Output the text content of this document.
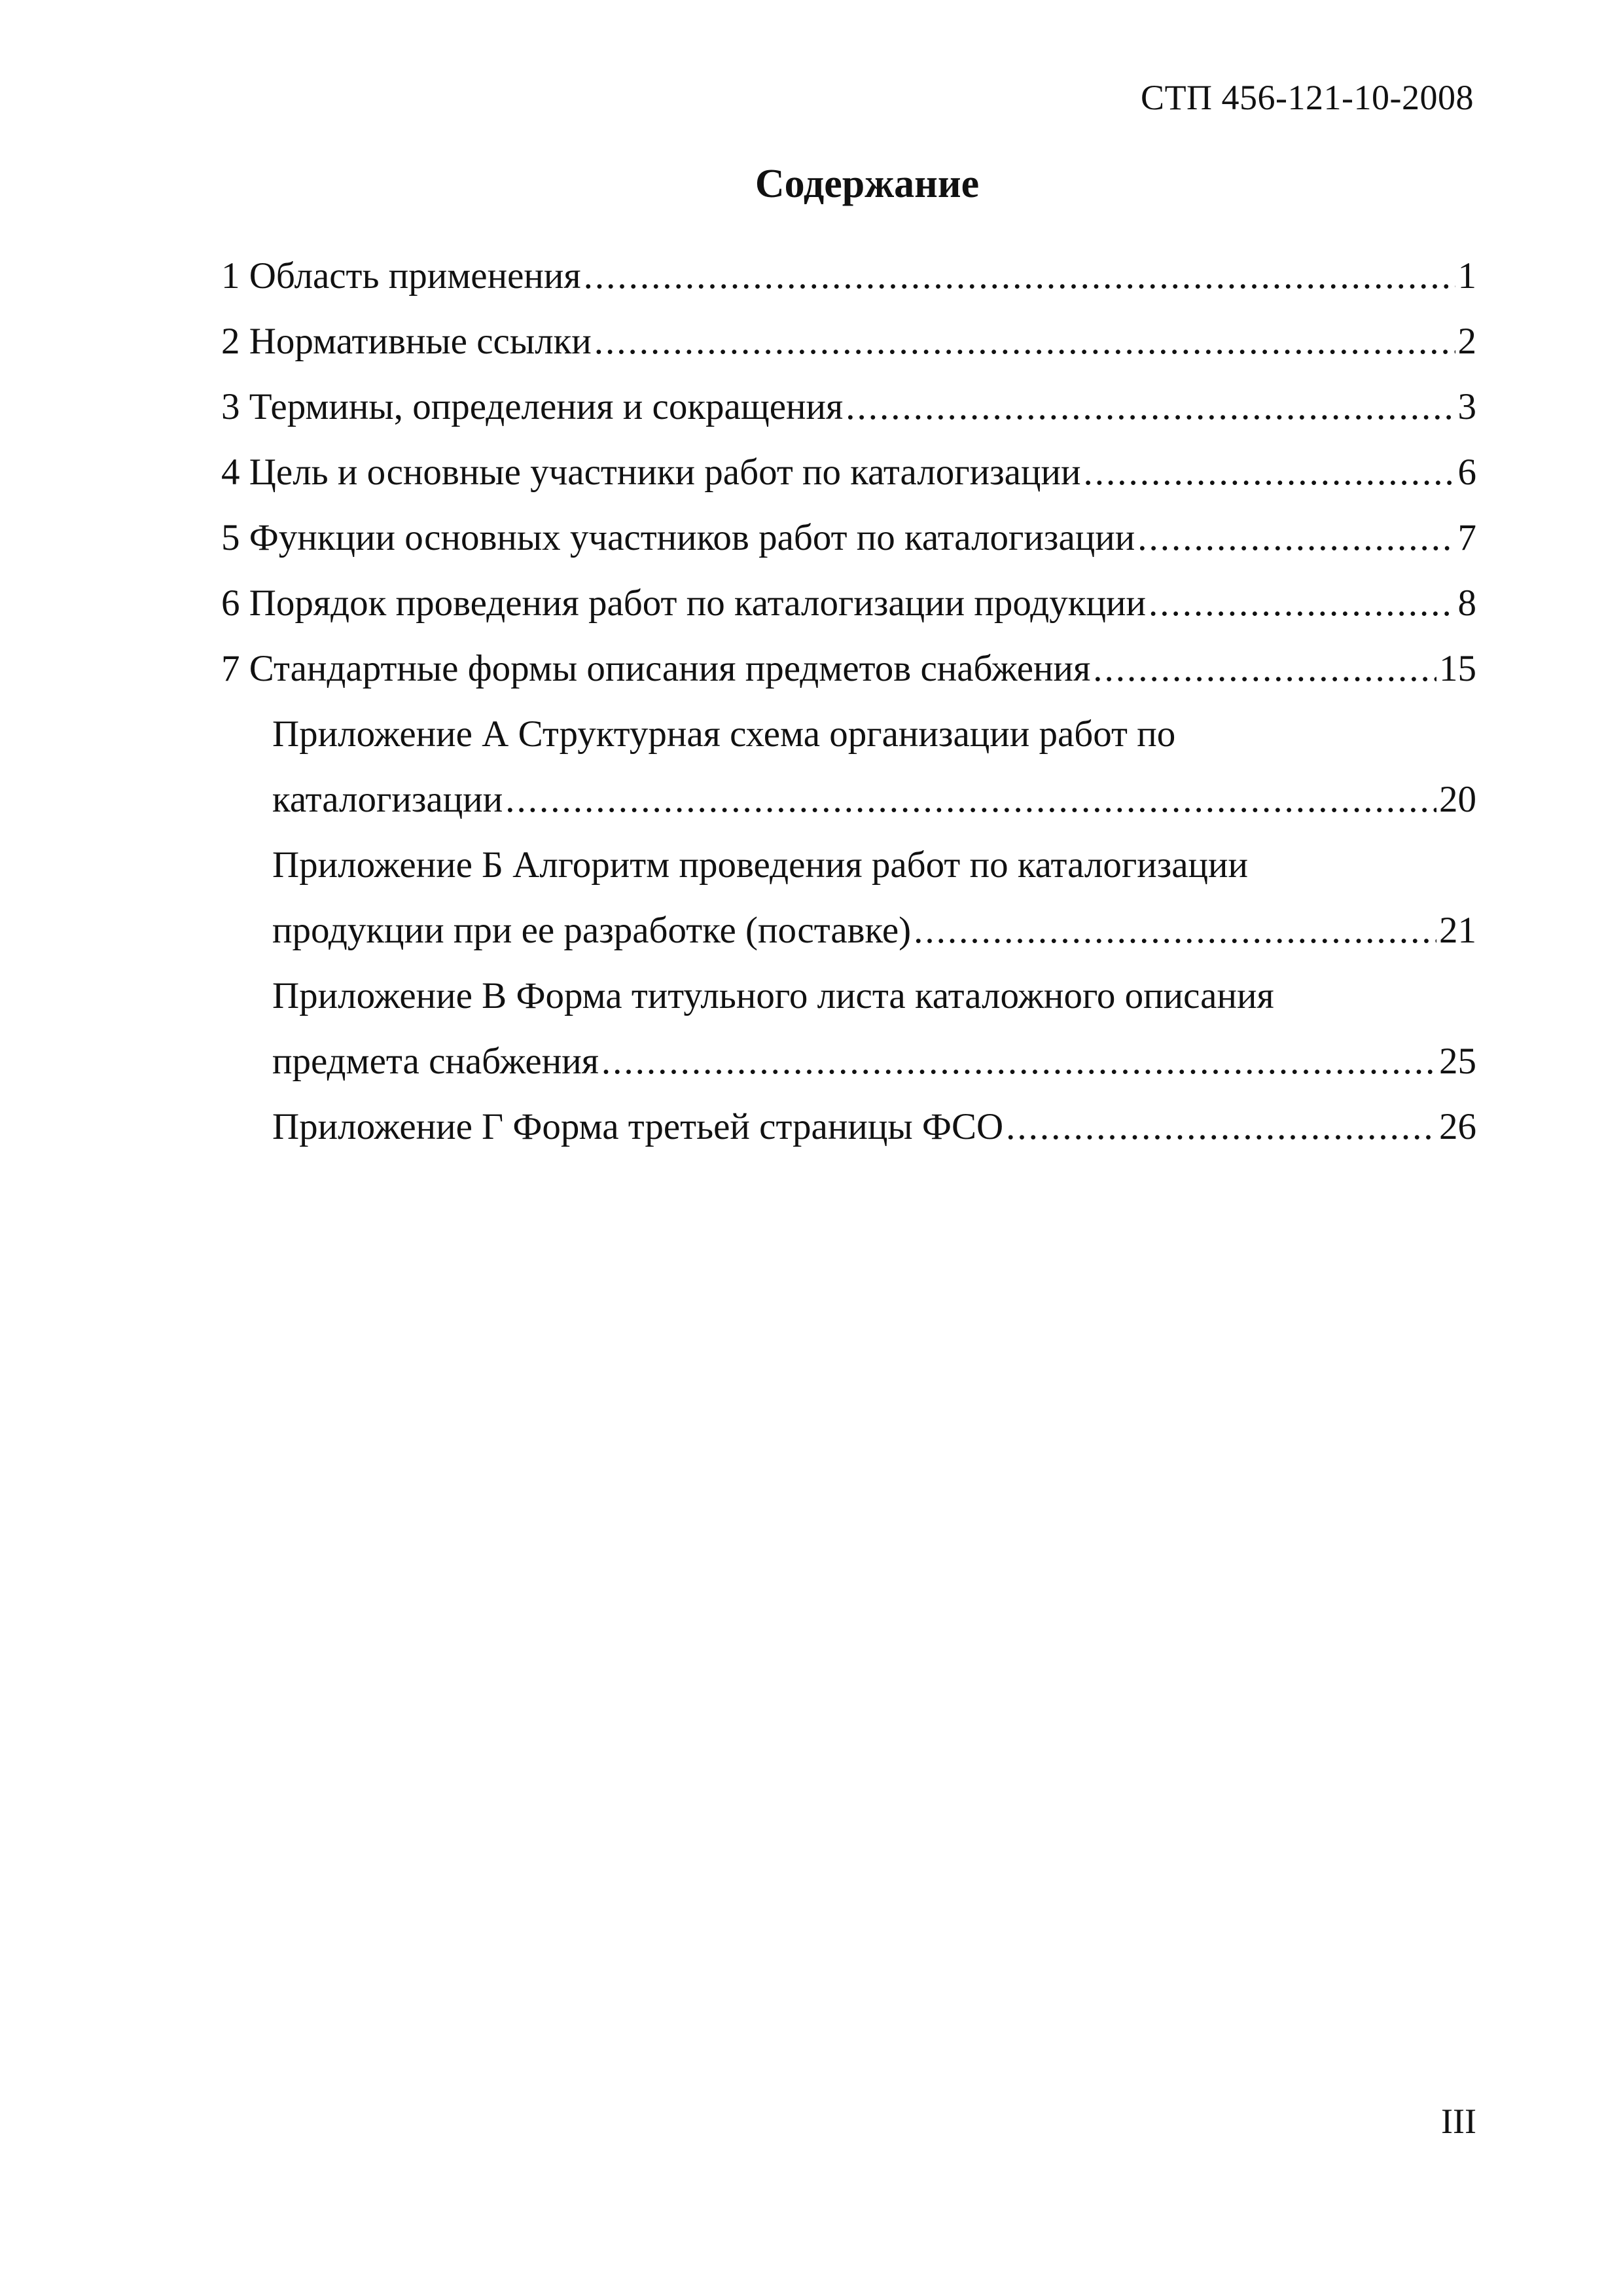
СТП 456-121-10-2008
Содержание
1 Область применения .....	1
2 Нормативные ссылки .....	2
3 Термины, определения и сокращения .....	3
4 Цель и основные участники работ по каталогизации .....	6
5 Функции основных участников работ по каталогизации .....	7
6 Порядок проведения работ по каталогизации продукции .....	8
7 Стандартные формы описания предметов снабжения .....	15
Приложение А Структурная схема организации работ по
каталогизации .....	20
Приложение Б Алгоритм проведения работ по каталогизации
продукции при ее разработке (поставке) .....	21
Приложение В Форма титульного листа каталожного описания
предмета снабжения .....	25
Приложение Г Форма третьей страницы ФСО .....	26
III
